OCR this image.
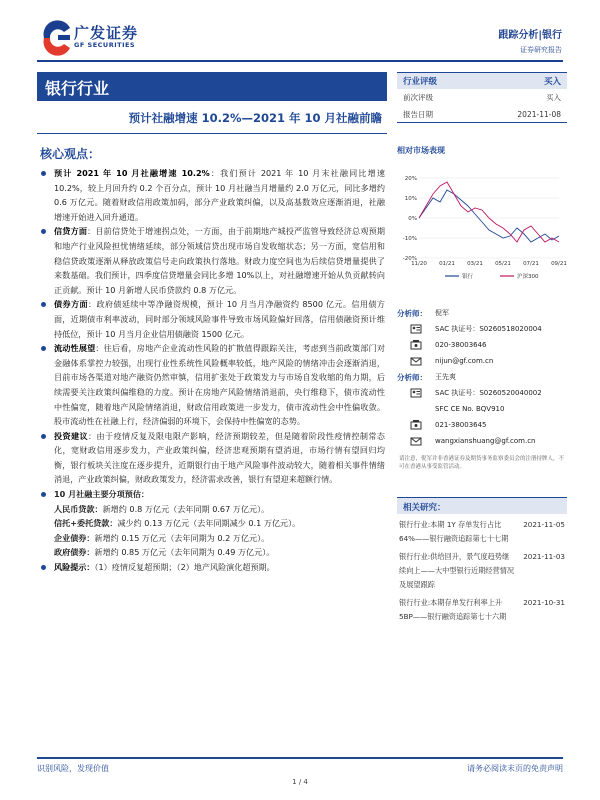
广发证券
GF SECURITIES
跟踪分析|银行
证券研究报告
银行行业
预计社融增速 10.2%—2021 年 10 月社融前瞻
核心观点：
预计 2021 年 10 月社融增速 10.2%：我们预计 2021 年 10 月末社融同比增速 10.2%，较上月回升约 0.2 个百分点，预计 10 月社融当月增量约 2.0 万亿元，同比多增约 0.6 万亿元。随着财政信用政策加码，部分产业政策纠偏，以及高基数效应逐渐消退，社融增速开始进入回升通道。
信贷方面：目前信贷处于增速拐点处，一方面，由于前期地产城投严监管导致经济总观预期和地产行业风险担忧情绪延续，部分领域信贷出现市场自发收缩状态；另一方面，宽信用和稳信贷政策逐渐从释放政策信号走向政策执行落地。财政力度空间也为后续信贷增量提供了来数基础。我们预计，四季度信贷增量会同比多增 10%以上，对社融增速开始从负贡献转向正贡献。预计 10 月新增人民币贷款约 0.8 万亿元。
债券方面：政府债延续中等净融资规模，预计 10 月当月净融资约 8500 亿元。信用债方面，近期债市利率波动，同时部分领域风险事件导致市场风险偏好回落，信用债融资预计维持低位，预计 10 月当月企业信用债融资 1500 亿元。
流动性展望：往后看，房地产企业流动性风险的扩散值得跟踪关注，考虑到当前政策部门对金融体系掌控力较强，出现行业性系统性风险概率较低，地产风险的情绪冲击会逐渐消退，目前市场各渠道对地产融资仍然审慎，信用扩张处于政策发力与市场自发收缩的角力期，后续需要关注政策纠偏维稳的力度。预计在房地产风险情绪消退前，央行维稳下，债市流动性中性偏宽，随着地产风险情绪消退，财政信用政策进一步发力，债市流动性会中性偏收敛。股市流动性在社融上行，经济偏弱的环境下，会保持中性偏宽的态势。
投资建议：由于疫情反复及限电限产影响，经济预期较差，但是随着阶段性疫情控制常态化，宽财政信用逐步发力，产业政策纠偏，经济悲观预期有望消退，市场行情有望回归均衡，银行板块关注度在逐步提升，近期银行由于地产风险事件波动较大，随着相关事件情绪消退，产业政策纠偏，财政政策发力，经济需求改善，银行有望迎来超额行情。
10 月社融主要分项预估：
人民币贷款：新增约 0.8 万亿元（去年同期 0.67 万亿元）。
信托+委托贷款：减少约 0.13 万亿元（去年同期减少 0.1 万亿元）。
企业债券：新增约 0.15 万亿元（去年同期为 0.2 万亿元）。
政府债券：新增约 0.85 万亿元（去年同期为 0.49 万亿元）。
风险提示：（1）疫情反复超预期；（2）地产风险演化超预期。
行业评级	买入
前次评级	买入
报告日期	2021-11-08
相对市场表现
20%
10%
0%
-10%
-20%
11/20 01/21 03/21 05/21 07/21 09/21
银行	沪深300
分析师：	倪军
SAC 执证号：S0260518020004
020-38003646
nijun@gf.com.cn
分析师：	王先爽
SAC 执证号：S0260520040002
SFC CE No. BQV910
021-38003645
wangxianshuang@gf.com.cn
请注意，倪军并非香港证券及期货事务监察委员会的注册持牌人，不可在香港从事受监管活动。
相关研究：
银行行业:本期 1Y 存单发行占比 64%——银行融资追踪第七十七期
2021-11-05
银行行业:供给回升，景气度趋势继续向上——大中型银行近期经营情况及展望跟踪
2021-11-03
银行行业:本期存单发行利率上升 5BP——银行融资追踪第七十六期
2021-10-31
识别风险，发现价值	请务必阅读末页的免责声明
1 / 4
